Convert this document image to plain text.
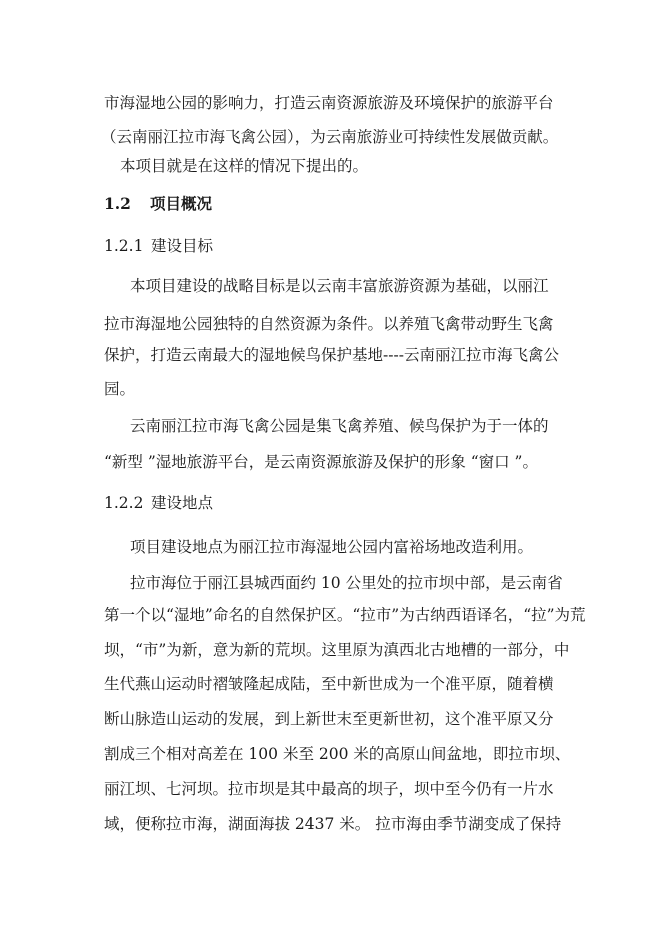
市海湿地公园的影响力，打造云南资源旅游及环境保护的旅游平台
（云南丽江拉市海飞禽公园），为云南旅游业可持续性发展做贡献。
本项目就是在这样的情况下提出的。
1.2 项目概况
1.2.1 建设目标
本项目建设的战略目标是以云南丰富旅游资源为基础，以丽江
拉市海湿地公园独特的自然资源为条件。以养殖飞禽带动野生飞禽
保护，打造云南最大的湿地候鸟保护基地----云南丽江拉市海飞禽公
园。
云南丽江拉市海飞禽公园是集飞禽养殖、候鸟保护为于一体的
“新型 ”湿地旅游平台，是云南资源旅游及保护的形象 “窗口 ”。
1.2.2 建设地点
项目建设地点为丽江拉市海湿地公园内富裕场地改造利用。
拉市海位于丽江县城西面约 10 公里处的拉市坝中部，是云南省
第一个以“湿地”命名的自然保护区。“拉市”为古纳西语译名，“拉”为荒
坝，“市”为新，意为新的荒坝。这里原为滇西北古地槽的一部分，中
生代燕山运动时褶皱隆起成陆，至中新世成为一个准平原，随着横
断山脉造山运动的发展，到上新世末至更新世初，这个准平原又分
割成三个相对高差在 100 米至 200 米的高原山间盆地，即拉市坝、
丽江坝、七河坝。拉市坝是其中最高的坝子，坝中至今仍有一片水
域，便称拉市海，湖面海拔 2437 米。 拉市海由季节湖变成了保持
